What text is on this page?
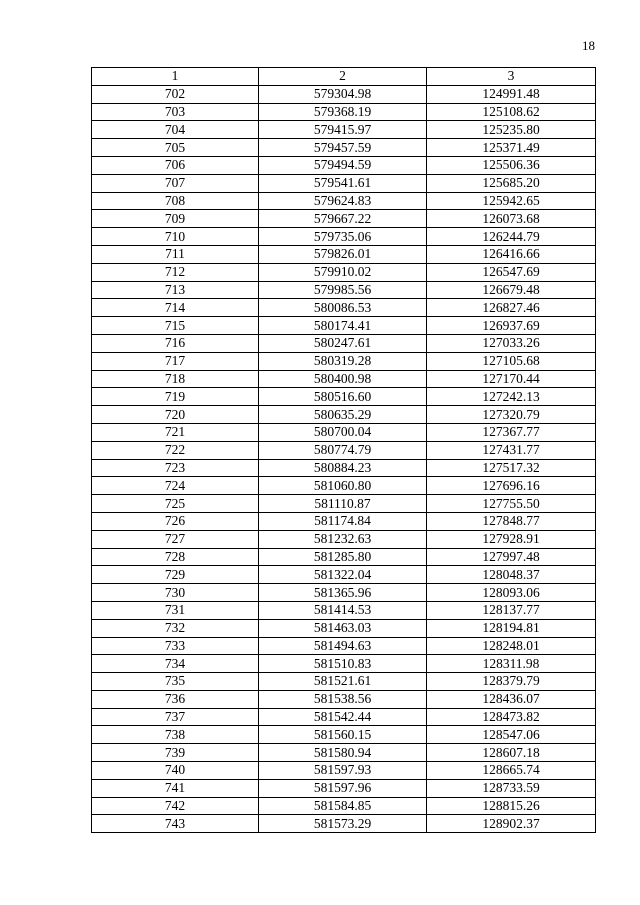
18
1	2	3
702	579304.98	124991.48
703	579368.19	125108.62
704	579415.97	125235.80
705	579457.59	125371.49
706	579494.59	125506.36
707	579541.61	125685.20
708	579624.83	125942.65
709	579667.22	126073.68
710	579735.06	126244.79
711	579826.01	126416.66
712	579910.02	126547.69
713	579985.56	126679.48
714	580086.53	126827.46
715	580174.41	126937.69
716	580247.61	127033.26
717	580319.28	127105.68
718	580400.98	127170.44
719	580516.60	127242.13
720	580635.29	127320.79
721	580700.04	127367.77
722	580774.79	127431.77
723	580884.23	127517.32
724	581060.80	127696.16
725	581110.87	127755.50
726	581174.84	127848.77
727	581232.63	127928.91
728	581285.80	127997.48
729	581322.04	128048.37
730	581365.96	128093.06
731	581414.53	128137.77
732	581463.03	128194.81
733	581494.63	128248.01
734	581510.83	128311.98
735	581521.61	128379.79
736	581538.56	128436.07
737	581542.44	128473.82
738	581560.15	128547.06
739	581580.94	128607.18
740	581597.93	128665.74
741	581597.96	128733.59
742	581584.85	128815.26
743	581573.29	128902.37
